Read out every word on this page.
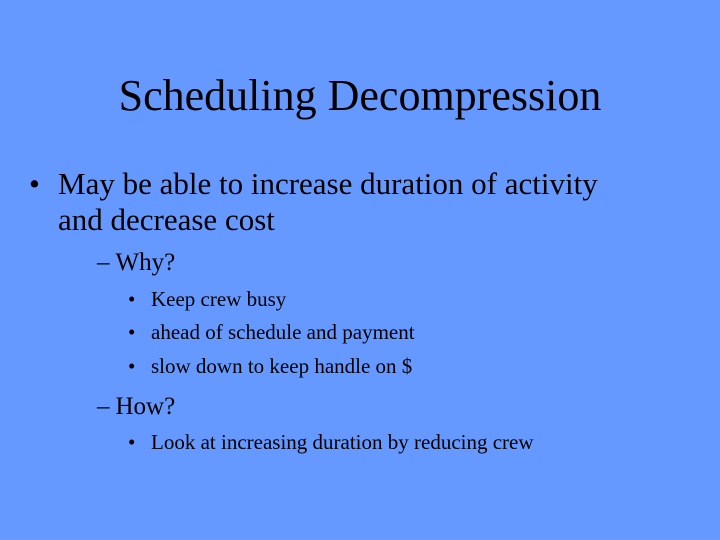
Scheduling Decompression
• May be able to increase duration of activity
and decrease cost
– Why?
• Keep crew busy
• ahead of schedule and payment
• slow down to keep handle on $
– How?
• Look at increasing duration by reducing crew
